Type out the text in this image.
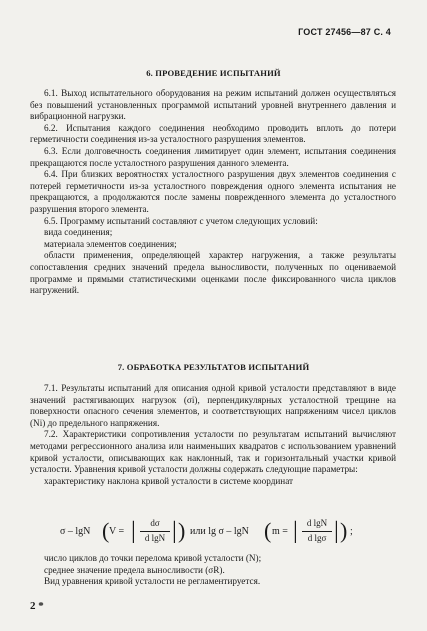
ГОСТ 27456—87 С. 4
6. ПРОВЕДЕНИЕ ИСПЫТАНИЙ

6.1. Выход испытательного оборудования на режим испытаний должен осуществляться без повышений установленных программой испытаний уровней внутреннего давления и вибрационной нагрузки.

6.2. Испытания каждого соединения необходимо проводить вплоть до потери герметичности соединения из-за усталостного разрушения элементов.

6.3. Если долговечность соединения лимитирует один элемент, испытания соединения прекращаются после усталостного разрушения данного элемента.

6.4. При близких вероятностях усталостного разрушения двух элементов соединения с потерей герметичности из-за усталостного повреждения одного элемента испытания не прекращаются, а продолжаются после замены поврежденного элемента до усталостного разрушения второго элемента.

6.5. Программу испытаний составляют с учетом следующих условий:

вида соединения;

материала элементов соединения;

области применения, определяющей характер нагружения, а также результаты сопоставления средних значений предела выносливости, полученных по оцениваемой программе и прямыми статистическими оценками после фиксированного числа циклов нагружений.

7. ОБРАБОТКА РЕЗУЛЬТАТОВ ИСПЫТАНИЙ

7.1. Результаты испытаний для описания одной кривой усталости представляют в виде значений растягивающих нагрузок (σi), перпендикулярных усталостной трещине на поверхности опасного сечения элементов, и соответствующих напряжениям чисел циклов (Ni) до предельного напряжения.

7.2. Характеристики сопротивления усталости по результатам испытаний вычисляют методами регрессионного анализа или наименьших квадратов с использованием уравнений кривой усталости, описывающих как наклонный, так и горизонтальный участки кривой усталости. Уравнения кривой усталости должны содержать следующие параметры:

характеристику наклона кривой усталости в системе координат

σ – lgN ( V = |	dσ
d lgN | ) или lg σ – lgN ( m = |	d lgN
d lgσ | ) ;

число циклов до точки перелома кривой усталости (N);

среднее значение предела выносливости (σR).

Вид уравнения кривой усталости не регламентируется.

2 *
